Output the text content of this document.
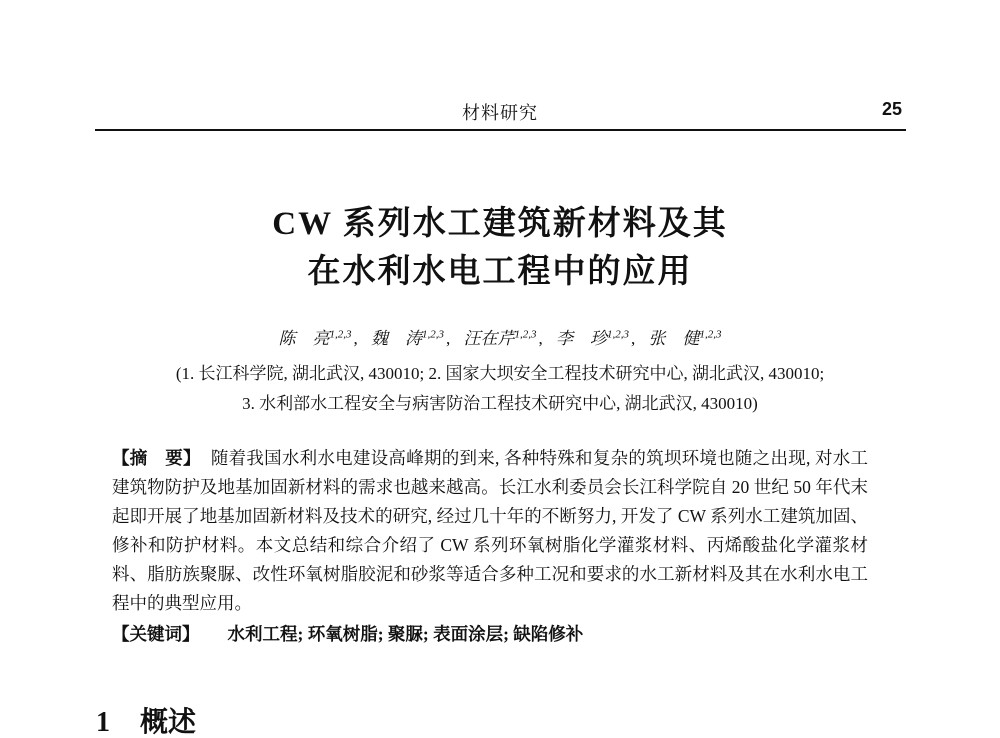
材料研究	25
CW 系列水工建筑新材料及其
在水利水电工程中的应用
陈　亮$^{1,2,3}$ , 魏　涛$^{1,2,3}$ , 汪在芹$^{1,2,3}$ , 李　珍$^{1,2,3}$ , 张　健$^{1,2,3}$
(1. 长江科学院, 湖北武汉, 430010; 2. 国家大坝安全工程技术研究中心, 湖北武汉, 430010;
3. 水利部水工程安全与病害防治工程技术研究中心, 湖北武汉, 430010)

【摘　要】 随着我国水利水电建设高峰期的到来, 各种特殊和复杂的筑坝环境也随之出现, 对水工建筑物防护及地基加固新材料的需求也越来越高。长江水利委员会长江科学院自 20 世纪 50 年代末起即开展了地基加固新材料及技术的研究, 经过几十年的不断努力, 开发了 CW 系列水工建筑加固、修补和防护材料。本文总结和综合介绍了 CW 系列环氧树脂化学灌浆材料、丙烯酸盐化学灌浆材料、脂肪族聚脲、改性环氧树脂胶泥和砂浆等适合多种工况和要求的水工新材料及其在水利水电工程中的典型应用。

【关键词】 水利工程; 环氧树脂; 聚脲; 表面涂层; 缺陷修补

1 概述
